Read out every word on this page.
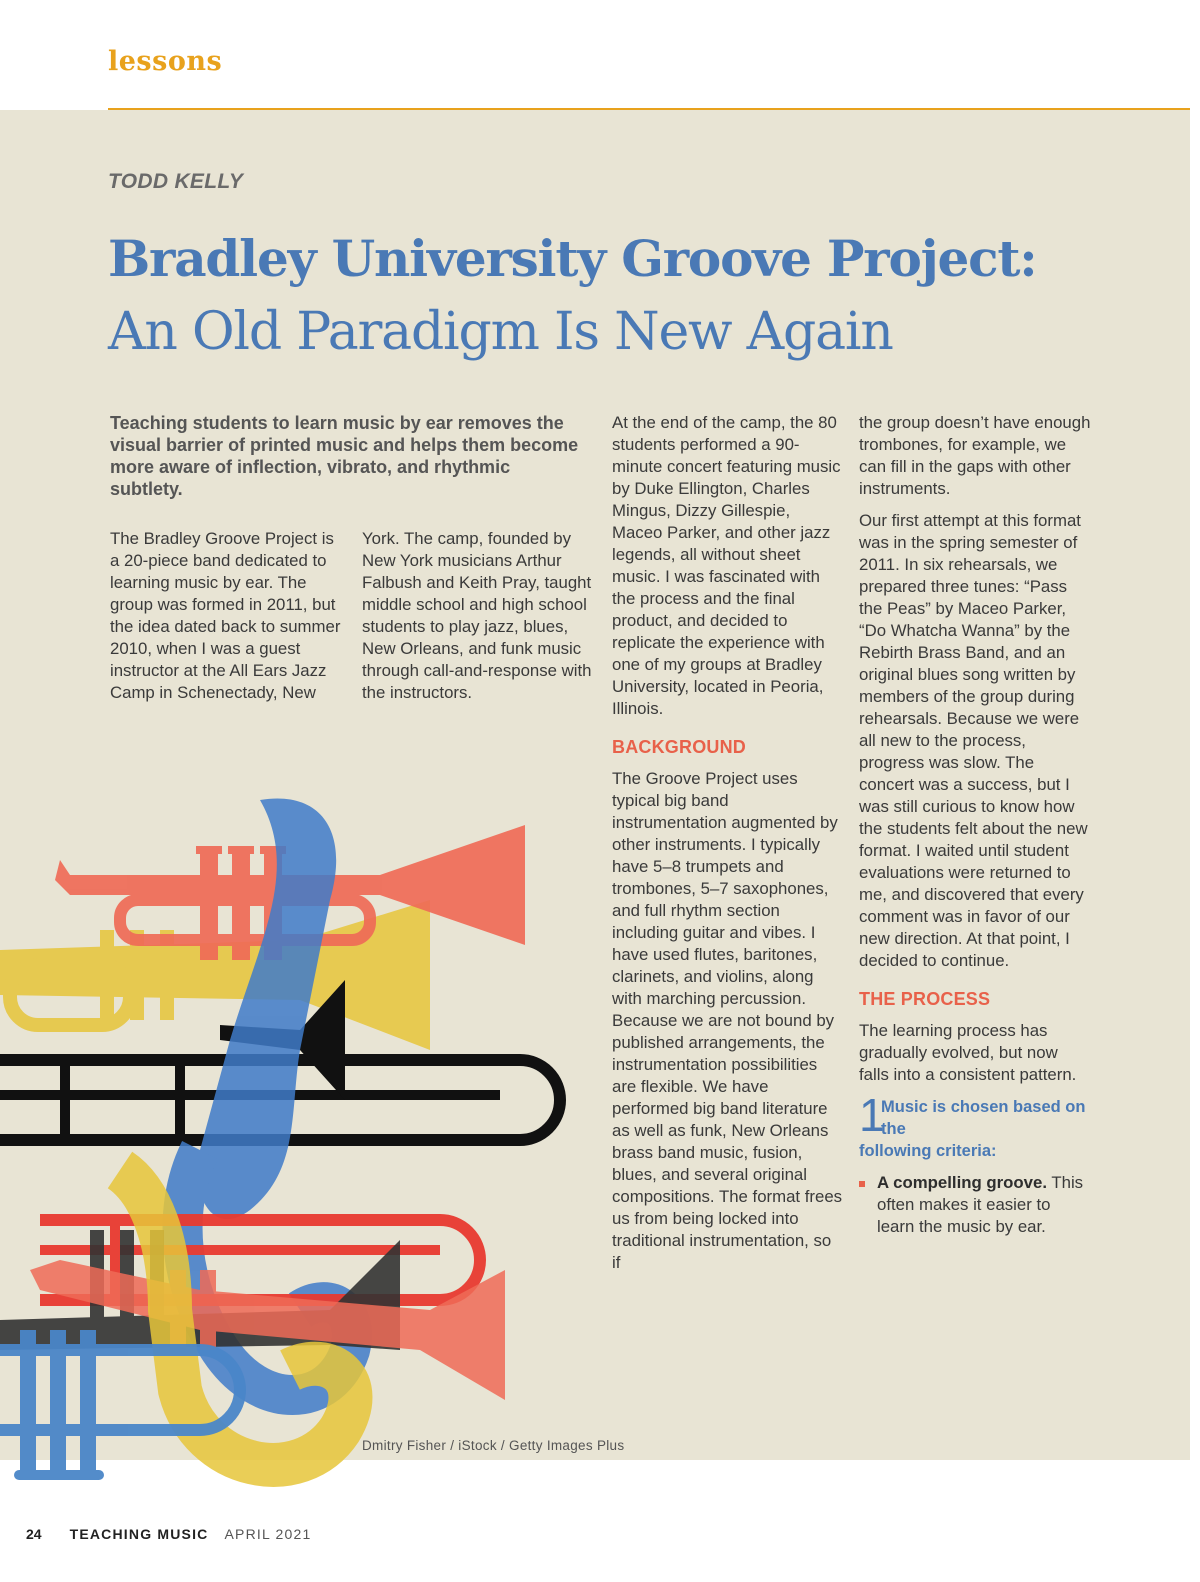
lessons
TODD KELLY
Bradley University Groove Project:
An Old Paradigm Is New Again
Teaching students to learn music by ear removes the visual barrier of printed music and helps them become more aware of inflection, vibrato, and rhythmic subtlety.

The Bradley Groove Project is a 20-piece band dedicated to learning music by ear. The group was formed in 2011, but the idea dated back to summer 2010, when I was a guest instructor at the All Ears Jazz Camp in Schenectady, New

York. The camp, founded by New York musicians Arthur Falbush and Keith Pray, taught middle school and high school students to play jazz, blues, New Orleans, and funk music through call-and-response with the instructors.

At the end of the camp, the 80 students performed a 90-minute concert featuring music by Duke Ellington, Charles Mingus, Dizzy Gillespie, Maceo Parker, and other jazz legends, all without sheet music. I was fascinated with the process and the final product, and decided to replicate the experience with one of my groups at Bradley University, located in Peoria, Illinois.

BACKGROUND

The Groove Project uses typical big band instrumentation augmented by other instruments. I typically have 5–8 trumpets and trombones, 5–7 saxophones, and full rhythm section including guitar and vibes. I have used flutes, baritones, clarinets, and violins, along with marching percussion. Because we are not bound by published arrangements, the instrumentation possibilities are flexible. We have performed big band literature as well as funk, New Orleans brass band music, fusion, blues, and several original compositions. The format frees us from being locked into traditional instrumentation, so if

the group doesn’t have enough trombones, for example, we can fill in the gaps with other instruments.

Our first attempt at this format was in the spring semester of 2011. In six rehearsals, we prepared three tunes: “Pass the Peas” by Maceo Parker, “Do Whatcha Wanna” by the Rebirth Brass Band, and an original blues song written by members of the group during rehearsals. Because we were all new to the process, progress was slow. The concert was a success, but I was still curious to know how the students felt about the new format. I waited until student evaluations were returned to me, and discovered that every comment was in favor of our new direction. At that point, I decided to continue.

THE PROCESS

The learning process has gradually evolved, but now falls into a consistent pattern.

1
Music is chosen based on the
following criteria:
A compelling groove. This often makes it easier to learn the music by ear.
Dmitry Fisher / iStock / Getty Images Plus
24 TEACHING MUSIC APRIL 2021
